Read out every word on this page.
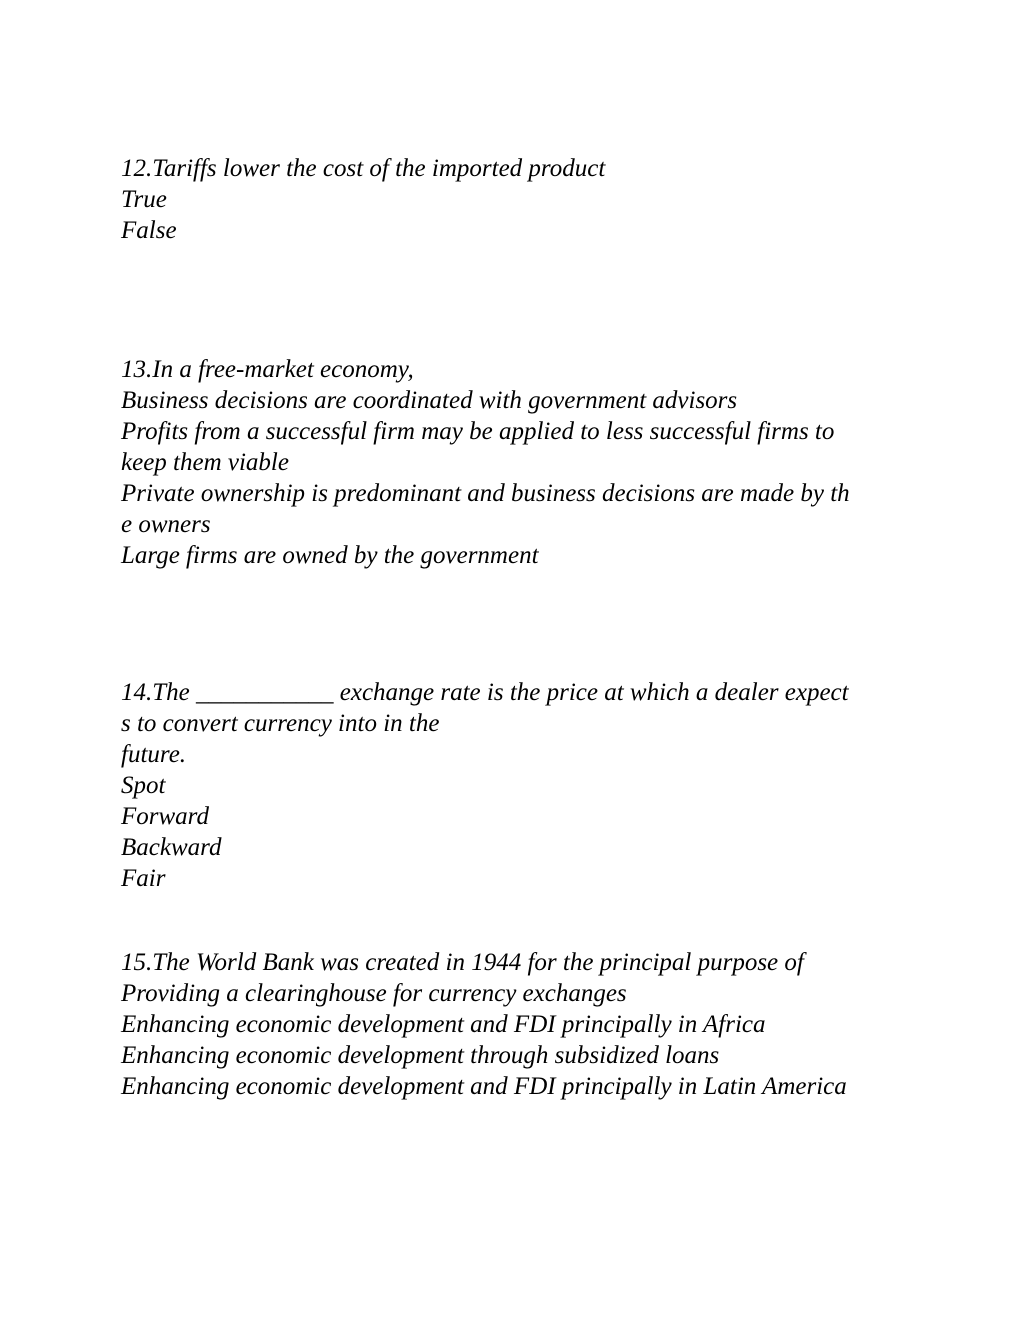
12.Tariffs lower the cost of the imported product
True
False
13.In a free-market economy,
Business decisions are coordinated with government advisors
Profits from a successful firm may be applied to less successful firms to
keep them viable
Private ownership is predominant and business decisions are made by th
e owners
Large firms are owned by the government
14.The ___________ exchange rate is the price at which a dealer expect
s to convert currency into in the
future.
Spot
Forward
Backward
Fair
15.The World Bank was created in 1944 for the principal purpose of
Providing a clearinghouse for currency exchanges
Enhancing economic development and FDI principally in Africa
Enhancing economic development through subsidized loans
Enhancing economic development and FDI principally in Latin America
